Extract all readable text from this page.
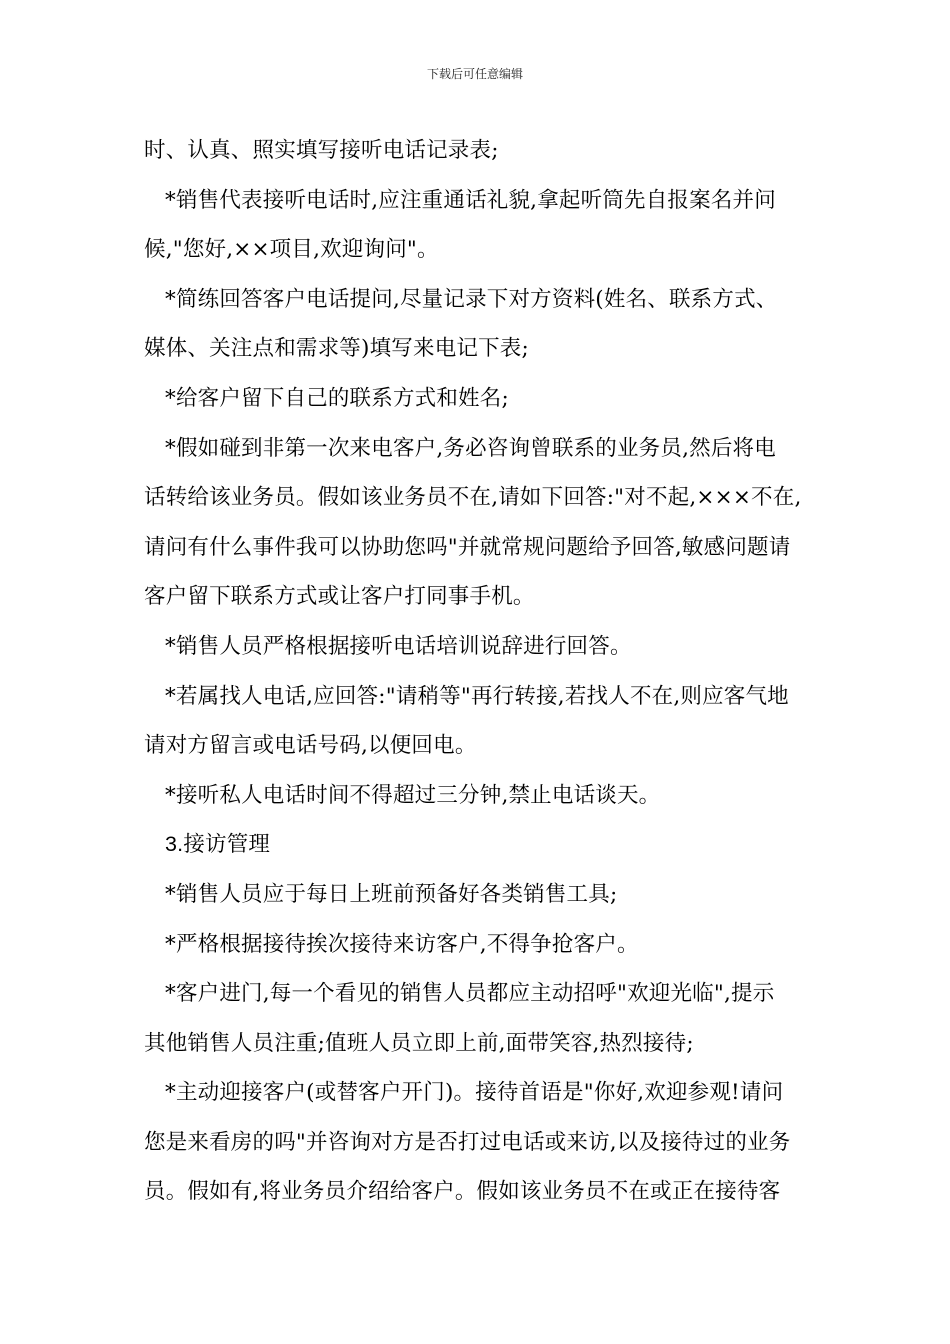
下载后可任意编辑

时、认真、照实填写接听电话记录表;

*销售代表接听电话时,应注重通话礼貌,拿起听筒先自报案名并问

候,"您好,××项目,欢迎询问"。

*简练回答客户电话提问,尽量记录下对方资料(姓名、联系方式、

媒体、关注点和需求等)填写来电记下表;

*给客户留下自己的联系方式和姓名;

*假如碰到非第一次来电客户,务必咨询曾联系的业务员,然后将电

话转给该业务员。假如该业务员不在,请如下回答:"对不起,×××不在,

请问有什么事件我可以协助您吗"并就常规问题给予回答,敏感问题请

客户留下联系方式或让客户打同事手机。

*销售人员严格根据接听电话培训说辞进行回答。

*若属找人电话,应回答:"请稍等"再行转接,若找人不在,则应客气地

请对方留言或电话号码,以便回电。

*接听私人电话时间不得超过三分钟,禁止电话谈天。

3.接访管理

*销售人员应于每日上班前预备好各类销售工具;

*严格根据接待挨次接待来访客户,不得争抢客户。

*客户进门,每一个看见的销售人员都应主动招呼"欢迎光临",提示

其他销售人员注重;值班人员立即上前,面带笑容,热烈接待;

*主动迎接客户(或替客户开门)。接待首语是"你好,欢迎参观!请问

您是来看房的吗"并咨询对方是否打过电话或来访,以及接待过的业务

员。假如有,将业务员介绍给客户。假如该业务员不在或正在接待客
